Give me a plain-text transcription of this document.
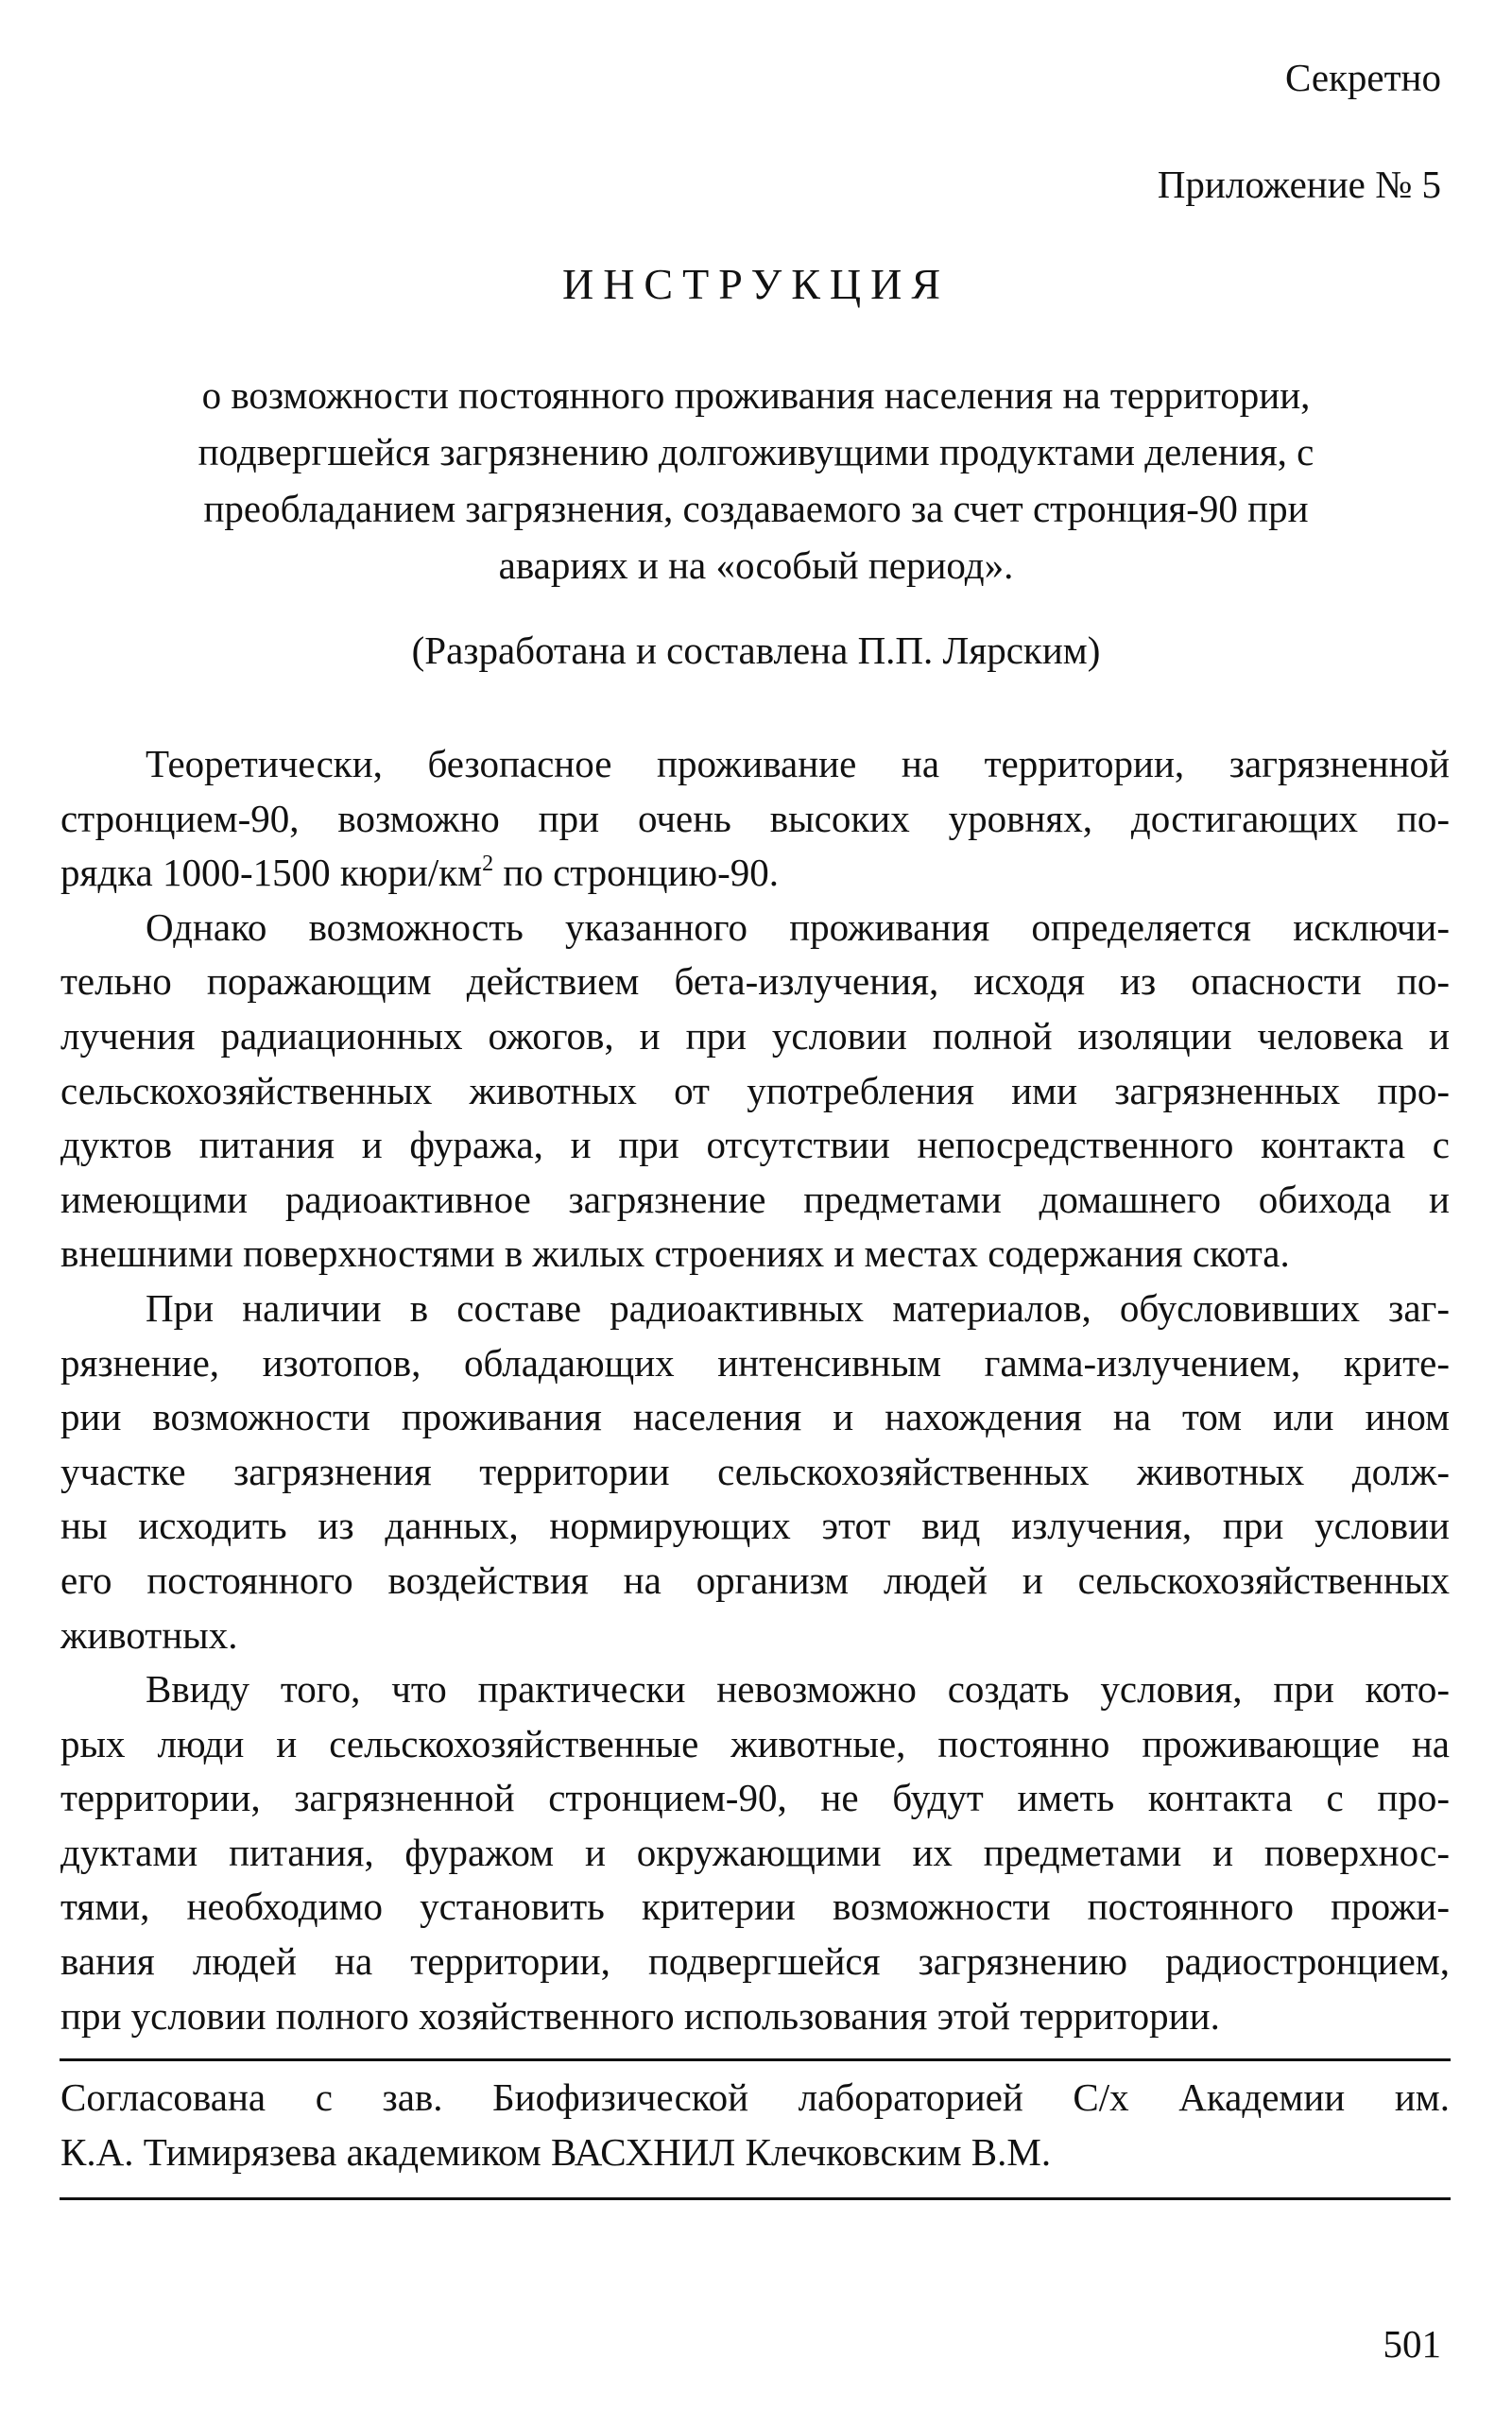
Секретно
Приложение № 5
ИНСТРУКЦИЯ

о возможности постоянного проживания населения на территории,
подвергшейся загрязнению долгоживущими продуктами деления, с
преобладанием загрязнения, создаваемого за счет стронция-90 при
авариях и на «особый период».

(Разработана и составлена П.П. Лярским)
Теоретически, безопасное проживание на территории, загрязненной
стронцием-90, возможно при очень высоких уровнях, достигающих по-
рядка 1000-1500 кюри/$км^2$ по стронцию-90.
Однако возможность указанного проживания определяется исключи-
тельно поражающим действием бета-излучения, исходя из опасности по-
лучения радиационных ожогов, и при условии полной изоляции человека и
сельскохозяйственных животных от употребления ими загрязненных про-
дуктов питания и фуража, и при отсутствии непосредственного контакта с
имеющими радиоактивное загрязнение предметами домашнего обихода и
внешними поверхностями в жилых строениях и местах содержания скота.
При наличии в составе радиоактивных материалов, обусловивших заг-
рязнение, изотопов, обладающих интенсивным гамма-излучением, крите-
рии возможности проживания населения и нахождения на том или ином
участке загрязнения территории сельскохозяйственных животных долж-
ны исходить из данных, нормирующих этот вид излучения, при условии
его постоянного воздействия на организм людей и сельскохозяйственных
животных.
Ввиду того, что практически невозможно создать условия, при кото-
рых люди и сельскохозяйственные животные, постоянно проживающие на
территории, загрязненной стронцием-90, не будут иметь контакта с про-
дуктами питания, фуражом и окружающими их предметами и поверхнос-
тями, необходимо установить критерии возможности постоянного прожи-
вания людей на территории, подвергшейся загрязнению радиостронцием,
при условии полного хозяйственного использования этой территории.
Согласована с зав. Биофизической лабораторией С/х Академии им.
К.А. Тимирязева академиком ВАСХНИЛ Клечковским В.М.
501
